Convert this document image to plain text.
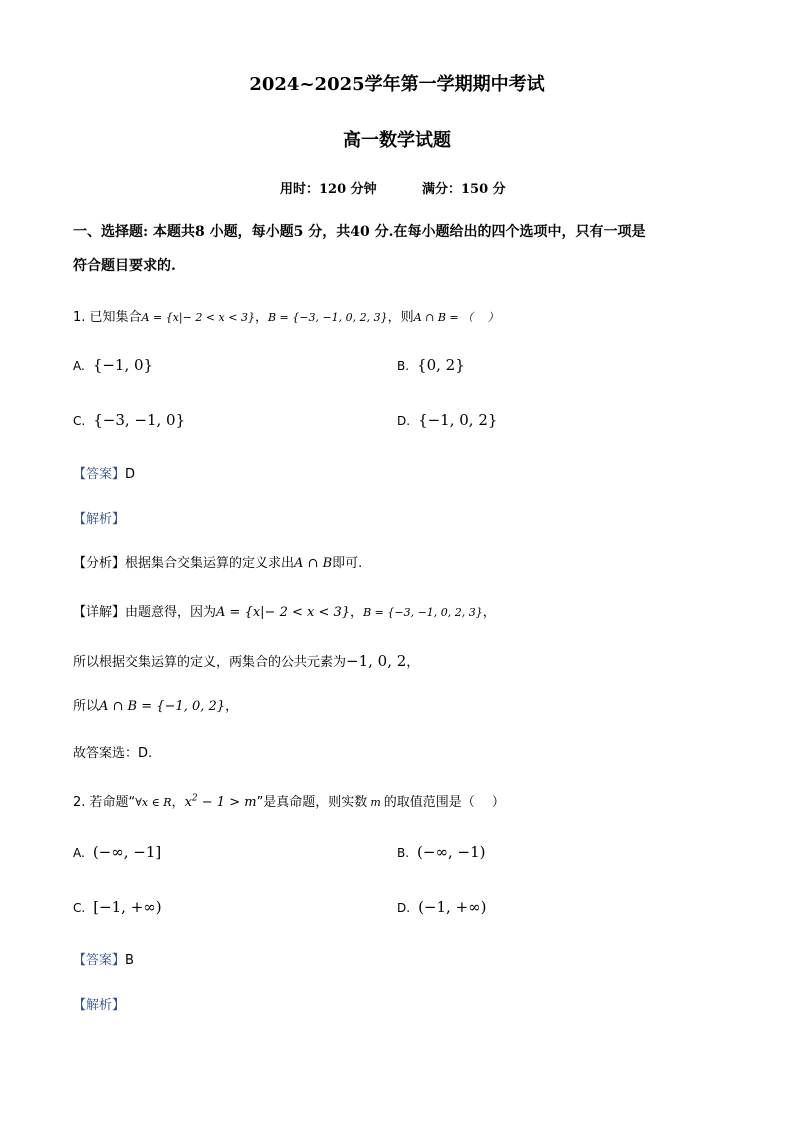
2024~2025学年第一学期期中考试
高一数学试题
用时：120 分钟	满分：150 分
一、选择题: 本题共8 小题，每小题5 分，共40 分.在每小题给出的四个选项中，只有一项是
符合题目要求的.
1. 已知集合A = {x|− 2 < x < 3}，B = {−3, −1, 0, 2, 3}，则A ∩ B = （　 ）
A. {−1, 0}	B. {0, 2}
C. {−3, −1, 0}	D. {−1, 0, 2}
【答案】D
【解析】
【分析】根据集合交集运算的定义求出A ∩ B即可.
【详解】由题意得，因为A = {x|− 2 < x < 3}，B = {−3, −1, 0, 2, 3}，
所以根据交集运算的定义，两集合的公共元素为−1, 0, 2，
所以A ∩ B = {−1, 0, 2}，
故答案选：D.
2. 若命题“∀x ∈ R，$x^2 - 1 > m$”是真命题，则实数 m 的取值范围是（　 ）
A. (−∞, −1]	B. (−∞, −1)
C. [−1, +∞)	D. (−1, +∞)
【答案】B
【解析】
